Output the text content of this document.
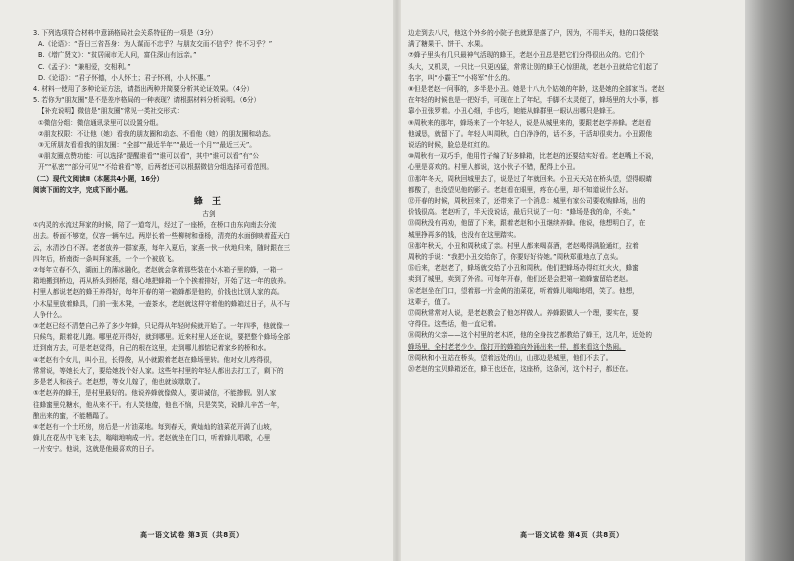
3. 下列选项符合材料中意涵格局社会关系特征的一项是（3分）
A.《论语》：“吾日三省吾身：为人谋而不忠乎？与朋友交而不信乎？传不习乎？”
B.《增广贤文》：“贫居闹市无人问，富住深山有远亲。”
C.《孟子》：“兼相爱，交相利。”
D.《论语》：“君子怀德，小人怀土；君子怀刑，小人怀惠。”
4. 材料一使用了多种论证方法，请指出两种并简要分析其论证效果。（4分）
5. 若你为“朋友圈”是不是差序格局的一种表现？请根据材料分析说明。（6分）
【补充说明】微信是“朋友圈”常见一类社交形式：
①微信分组：微信通讯录里可以设置分组。
②朋友权限：不让他（她）看我的朋友圈和动态、不看他（她）的朋友圈和动态。
③无所朋友看看我的朋友圈：“全部”“最近半年”“最近一个月”“最近三天”。
④朋友圈点赞功能：可以选择“提醒谁看”“谁可以看”，其中“谁可以看”有“公
开”“私密”“部分可见”“不给谁看”等，后两者还可以根据微信分组选择可看范围。
（二）现代文阅读Ⅱ（本题共4小题，16分）
阅读下面的文字，完成下面小题。
蜂 王
古剑
①内灵的水流过拜家的时候，陪了一道弯儿，经过了一座桥，在桥口由东向南去分流
出去。桥面不够宽，仅容一辆车过。两岸长着一些柳树和垂杨，清亮的水面倒映着蓝天白
云，水清沙白不浑。老者放养一群家燕，每年入夏后，家燕一伙一伙地归来，随时跟在三
四年后，桥南街一条叫拜家燕，一个一个被放飞。
②每年立春不久，湖面上的薄冰融化，老赵就会拿着那些装在小木箱子里的蜂，一箱一
箱地搬到桥边，再从桥头到桥尾，细心地把蜂箱一个个挨着排好，开始了这一年的放养。
村里人都说老赵的蜂王养得好，每年开春的第一箱蜂都是他的，价钱也比别人家的高。
小木屋里放着蜂具，门前一张木凳，一壶茶水，老赵就这样守着他的蜂箱过日子，从不与
人争什么。
③老赵已经不清楚自己养了多少年蜂，只记得从年轻时候就开始了。一年四季，他就像一
只候鸟，跟着花儿跑。哪里花开得好，就到哪里。近来村里人还在说，要把整个蜂场全部
迁到南方去，可是老赵觉得，自己的根在这里，走到哪儿都惦记着家乡的桥和水。
④老赵有个女儿，叫小丑，长得俊，从小就跟着老赵在蜂场里转。他对女儿疼得很，
常常说，等她长大了，要给她找个好人家。这些年村里的年轻人都出去打工了，剩下的
多是老人和孩子。老赵想，等女儿嫁了，他也就该歇歇了。
⑤老赵养的蜂王，是村里最好的。他说养蜂就像做人，要讲诚信，不能掺假。别人家
往蜂蜜里兑糖水，他从来不干。有人笑他傻，他也不恼，只是笑笑，说蜂儿辛苦一年，
酿出来的蜜，不能糟蹋了。
⑥老赵有一个土坯房，房后是一片油菜地。每到春天，黄灿灿的油菜花开满了山坡，
蜂儿在花丛中飞来飞去，嗡嗡地响成一片。老赵就坐在门口，听着蜂儿唱歌，心里
一片安宁。他说，这就是他最喜欢的日子。
边走到去八尺，他这个外乡的小院子也就算是落了户，因为，不用半天，他的口袋便装
满了糖果干、饼干、水果。
⑦蜂子里头有几只最神气活现的蜂王，老赵小丑总是把它们分得很出众的。它们个
头大，又机灵，一只比一只更凶猛，常常让别的蜂王心惊胆战，老赵小丑就给它们起了
名字，叫“小霸王”“小将军”什么的。
⑧但是老赵一问事的，多半是小丑。她是十八九个姑娘的年龄，这是她的全部家当。老赵
在年轻的时候也是一把好手，可现在上了年纪，手脚不太灵便了，蜂场里的大小事，都
靠小丑张罗着。小丑心细，手也巧，她能从蜂群里一眼认出哪只是蜂王。
⑨周秋来的那年，蜂场来了一个年轻人，说是从城里来的，要跟老赵学养蜂。老赵看
他诚恳，就留下了。年轻人叫周秋，白白净净的，话不多，干活却很卖力。小丑跟他
说话的时候，脸总是红红的。
⑩周秋有一双巧手，他用竹子编了好多蜂箱，比老赵的还要结实好看。老赵嘴上不说，
心里是喜欢的。村里人都说，这小伙子不错，配得上小丑。
⑪那年冬天，周秋回城里去了，说是过了年就回来。小丑天天站在桥头望，望得眼睛
都酸了，也没望见他的影子。老赵看在眼里，疼在心里，却不知道说什么好。
⑫开春的时候，周秋回来了，还带来了一个消息：城里有家公司要收购蜂场，出的
价钱很高。老赵听了，半天没说话，最后只说了一句：“蜂场是我的命，不卖。”
⑬周秋没有再劝，他留了下来，跟着老赵和小丑继续养蜂。他说，他想明白了，在
城里挣再多的钱，也没有在这里踏实。
⑭那年秋天，小丑和周秋成了亲。村里人都来喝喜酒，老赵喝得满脸通红，拉着
周秋的手说：“我把小丑交给你了，你要好好待她。”周秋郑重地点了点头。
⑮后来，老赵老了，蜂场就交给了小丑和周秋。他们把蜂场办得红红火火，蜂蜜
卖到了城里，卖到了外省。可每年开春，他们还是会把第一箱蜂蜜留给老赵。
⑯老赵坐在门口，望着那一片金黄的油菜花，听着蜂儿嗡嗡地唱，笑了。他想，
这辈子，值了。
⑰周秋常常对人说，是老赵教会了他怎样做人。养蜂跟做人一个理，要实在，要
守得住。这些话，他一直记着。
⑱周秋的父亲——这个村里的老木匠，他的全身技艺都教给了蜂王，这几年，近处的
蜂场里，全村老老少少，像打开的蜂箱向外涌出来一样，都来看这个热闹。
⑲周秋和小丑站在桥头，望着远处的山，山那边是城里，他们不去了。
⑳老赵的宝贝蜂箱还在，蜂王也还在，这座桥，这条河，这个村子，都还在。
高一语文试卷 第3页（共8页）	高一语文试卷 第4页（共8页）
